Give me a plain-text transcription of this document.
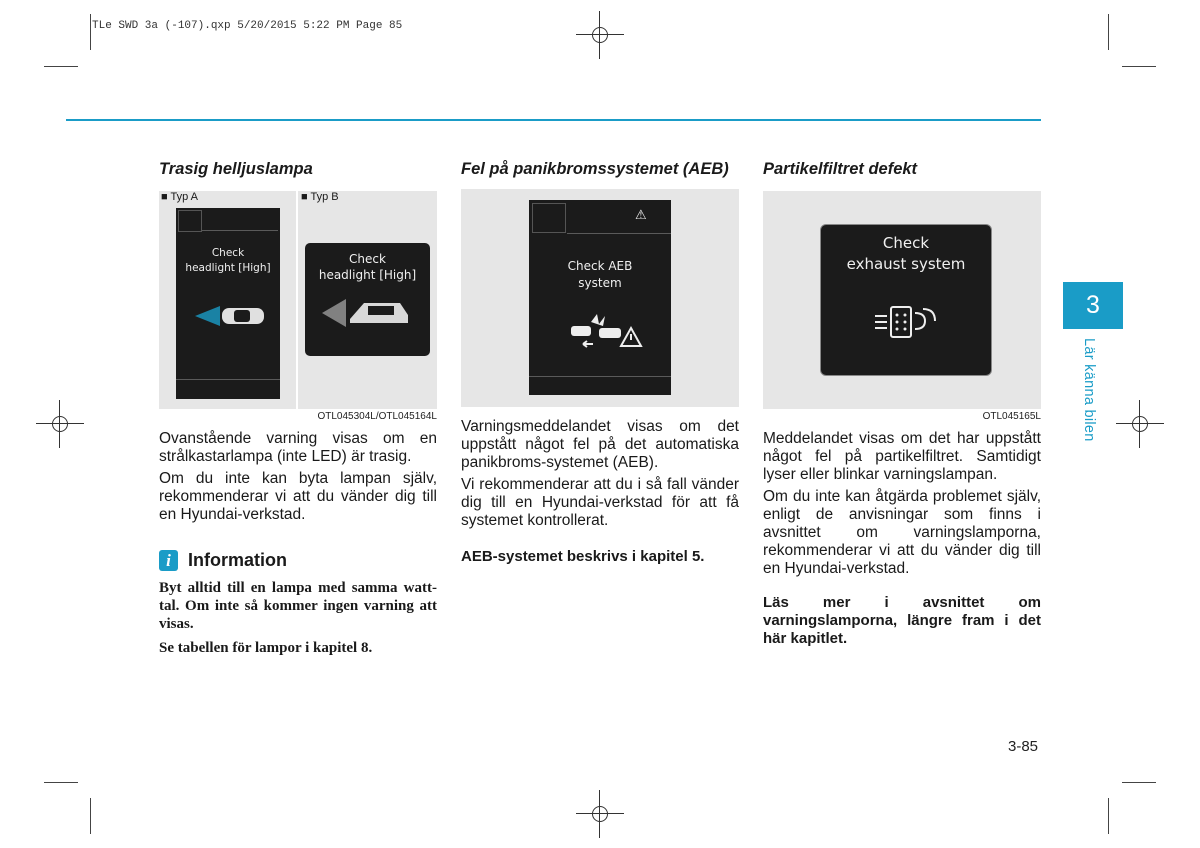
TLe SWD 3a (-107).qxp 5/20/2015 5:22 PM Page 85
Trasig helljuslampa
■ Typ A
Check
headlight [High]
■ Typ B
Check
headlight [High]
OTL045304L/OTL045164L

Ovanstående varning visas om en strålkastarlampa (inte LED) är trasig.

Om du inte kan byta lampan själv, rekommenderar vi att du vänder dig till en Hyundai-verkstad.

i Information

Byt alltid till en lampa med samma watt-tal. Om inte så kommer ingen varning att visas.

Se tabellen för lampor i kapitel 8.

Fel på panikbromssystemet (AEB)
⚠
Check AEB
system

Varningsmeddelandet visas om det uppstått något fel på det automatiska panikbroms-systemet (AEB).

Vi rekommenderar att du i så fall vänder dig till en Hyundai-verkstad för att få systemet kontrollerat.

AEB-systemet beskrivs i kapitel 5.

Partikelfiltret defekt
Check
exhaust system
OTL045165L

Meddelandet visas om det har uppstått något fel på partikelfiltret. Samtidigt lyser eller blinkar varningslampan.

Om du inte kan åtgärda problemet själv, enligt de anvisningar som finns i avsnittet om varningslamporna, rekommenderar vi att du vänder dig till en Hyundai-verkstad.

Läs mer i avsnittet om varningslamporna, längre fram i det här kapitlet.

3
Lär känna bilen
3-85
